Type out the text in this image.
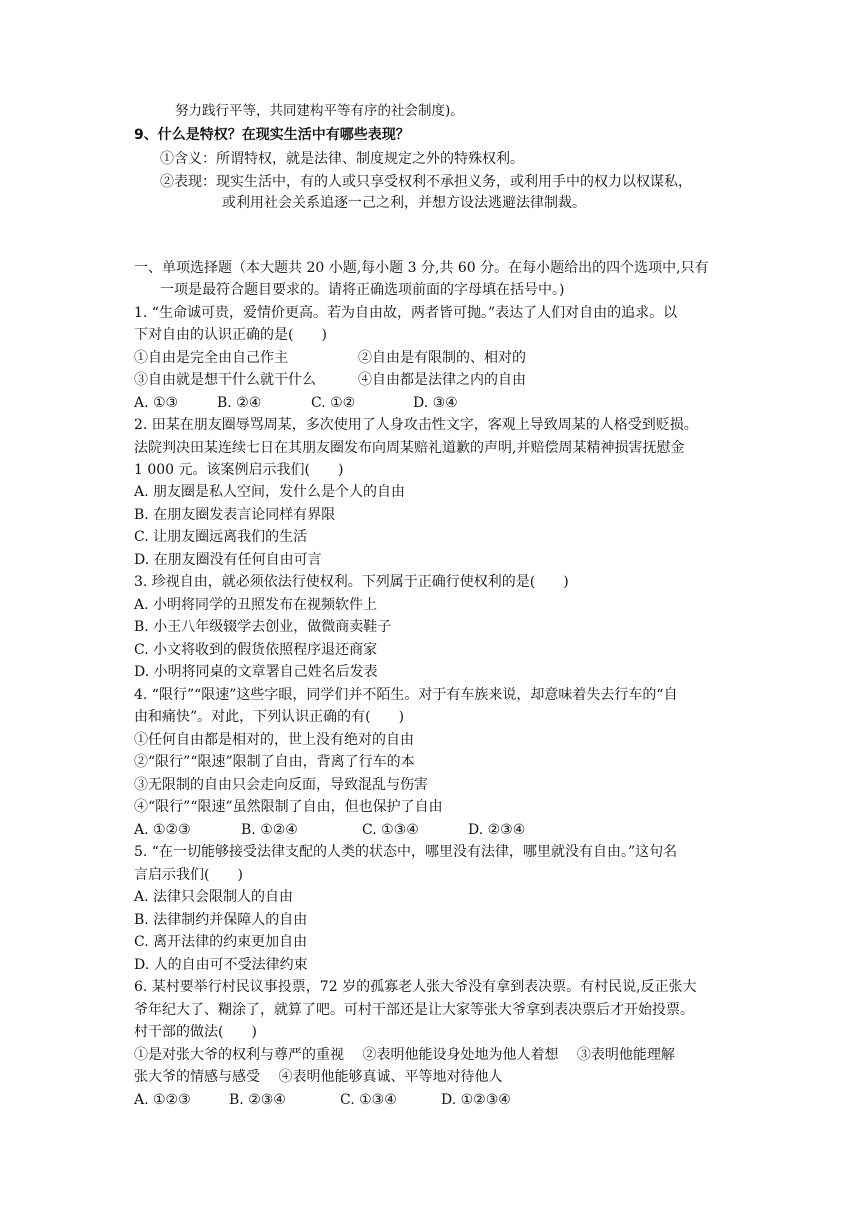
努力践行平等，共同建构平等有序的社会制度)。
9、什么是特权？在现实生活中有哪些表现？
①含义：所谓特权，就是法律、制度规定之外的特殊权利。
②表现：现实生活中，有的人或只享受权利不承担义务，或利用手中的权力以权谋私，
或利用社会关系追逐一己之利，并想方设法逃避法律制裁。
一、单项选择题（本大题共 20 小题,每小题 3 分,共 60 分。在每小题给出的四个选项中,只有
一项是最符合题目要求的。请将正确选项前面的字母填在括号中。)
1. “生命诚可贵，爱情价更高。若为自由故，两者皆可抛。”表达了人们对自由的追求。以
下对自由的认识正确的是(　　)
①自由是完全由自己作主	②自由是有限制的、相对的
③自由就是想干什么就干什么	④自由都是法律之内的自由
A. ①③	B. ②④	C. ①②	D. ③④
2. 田某在朋友圈辱骂周某，多次使用了人身攻击性文字，客观上导致周某的人格受到贬损。
法院判决田某连续七日在其朋友圈发布向周某赔礼道歉的声明,并赔偿周某精神损害抚慰金
1 000 元。该案例启示我们(　　)
A. 朋友圈是私人空间，发什么是个人的自由
B. 在朋友圈发表言论同样有界限
C. 让朋友圈远离我们的生活
D. 在朋友圈没有任何自由可言
3. 珍视自由，就必须依法行使权利。下列属于正确行使权利的是(　　)
A. 小明将同学的丑照发布在视频软件上
B. 小王八年级辍学去创业，做微商卖鞋子
C. 小文将收到的假货依照程序退还商家
D. 小明将同桌的文章署自己姓名后发表
4. “限行”“限速”这些字眼，同学们并不陌生。对于有车族来说，却意味着失去行车的“自
由和痛快”。对此，下列认识正确的有(　　)
①任何自由都是相对的，世上没有绝对的自由
②“限行”“限速”限制了自由，背离了行车的本
③无限制的自由只会走向反面，导致混乱与伤害
④“限行”“限速”虽然限制了自由，但也保护了自由
A. ①②③	B. ①②④	C. ①③④	D. ②③④
5. “在一切能够接受法律支配的人类的状态中，哪里没有法律，哪里就没有自由。”这句名
言启示我们(　　)
A. 法律只会限制人的自由
B. 法律制约并保障人的自由
C. 离开法律的约束更加自由
D. 人的自由可不受法律约束
6. 某村要举行村民议事投票，72 岁的孤寡老人张大爷没有拿到表决票。有村民说,反正张大
爷年纪大了、糊涂了，就算了吧。可村干部还是让大家等张大爷拿到表决票后才开始投票。
村干部的做法(　　)
①是对张大爷的权利与尊严的重视　 ②表明他能设身处地为他人着想　 ③表明他能理解
张大爷的情感与感受　 ④表明他能够真诚、平等地对待他人
A. ①②③	B. ②③④	C. ①③④	D. ①②③④
